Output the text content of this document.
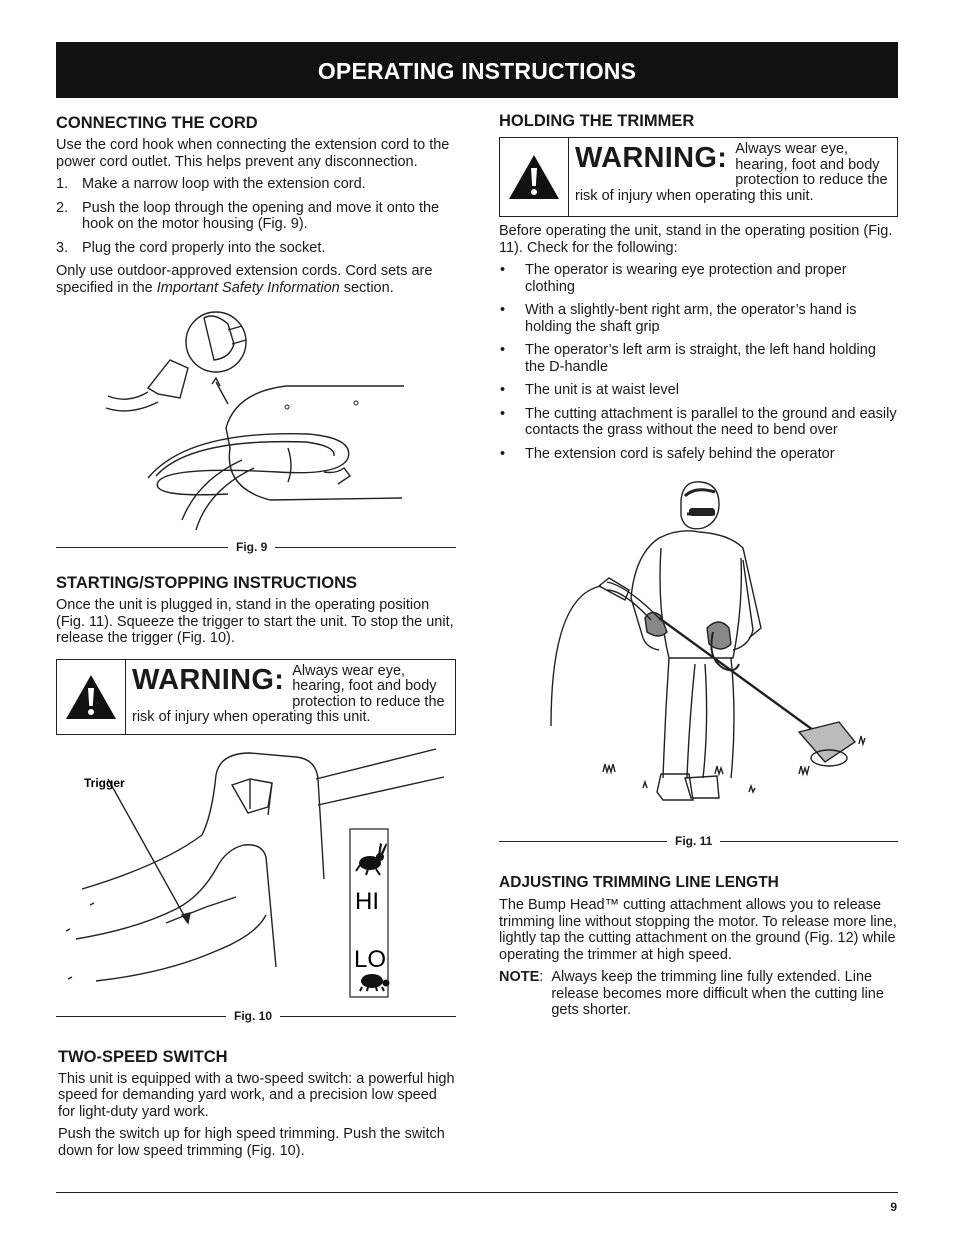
OPERATING INSTRUCTIONS
CONNECTING THE CORD

Use the cord hook when connecting the extension cord to the power cord outlet. This helps prevent any disconnection.

1. Make a narrow loop with the extension cord.
2. Push the loop through the opening and move it onto the hook on the motor housing (Fig. 9).
3. Plug the cord properly into the socket.

Only use outdoor-approved extension cords. Cord sets are specified in the Important Safety Information section.

Fig. 9
STARTING/STOPPING INSTRUCTIONS

Once the unit is plugged in, stand in the operating position (Fig. 11). Squeeze the trigger to start the unit. To stop the unit, release the trigger (Fig. 10).

WARNING: Always wear eye, hearing, foot and body protection to reduce the risk of injury when operating this unit.
Trigger
HI
LO
Fig. 10
TWO-SPEED SWITCH

This unit is equipped with a two-speed switch: a powerful high speed for demanding yard work, and a precision low speed for light-duty yard work.

Push the switch up for high speed trimming. Push the switch down for low speed trimming (Fig. 10).

HOLDING THE TRIMMER
WARNING: Always wear eye, hearing, foot and body protection to reduce the risk of injury when operating this unit.

Before operating the unit, stand in the operating position (Fig. 11). Check for the following:

• The operator is wearing eye protection and proper clothing
• With a slightly-bent right arm, the operator’s hand is holding the shaft grip
• The operator’s left arm is straight, the left hand holding the D-handle
• The unit is at waist level
• The cutting attachment is parallel to the ground and easily contacts the grass without the need to bend over
• The extension cord is safely behind the operator
Fig. 11
ADJUSTING TRIMMING LINE LENGTH

The Bump Head™ cutting attachment allows you to release trimming line without stopping the motor. To release more line, lightly tap the cutting attachment on the ground (Fig. 12) while operating the trimmer at high speed.

NOTE : Always keep the trimming line fully extended. Line release becomes more difficult when the cutting line gets shorter.
9
